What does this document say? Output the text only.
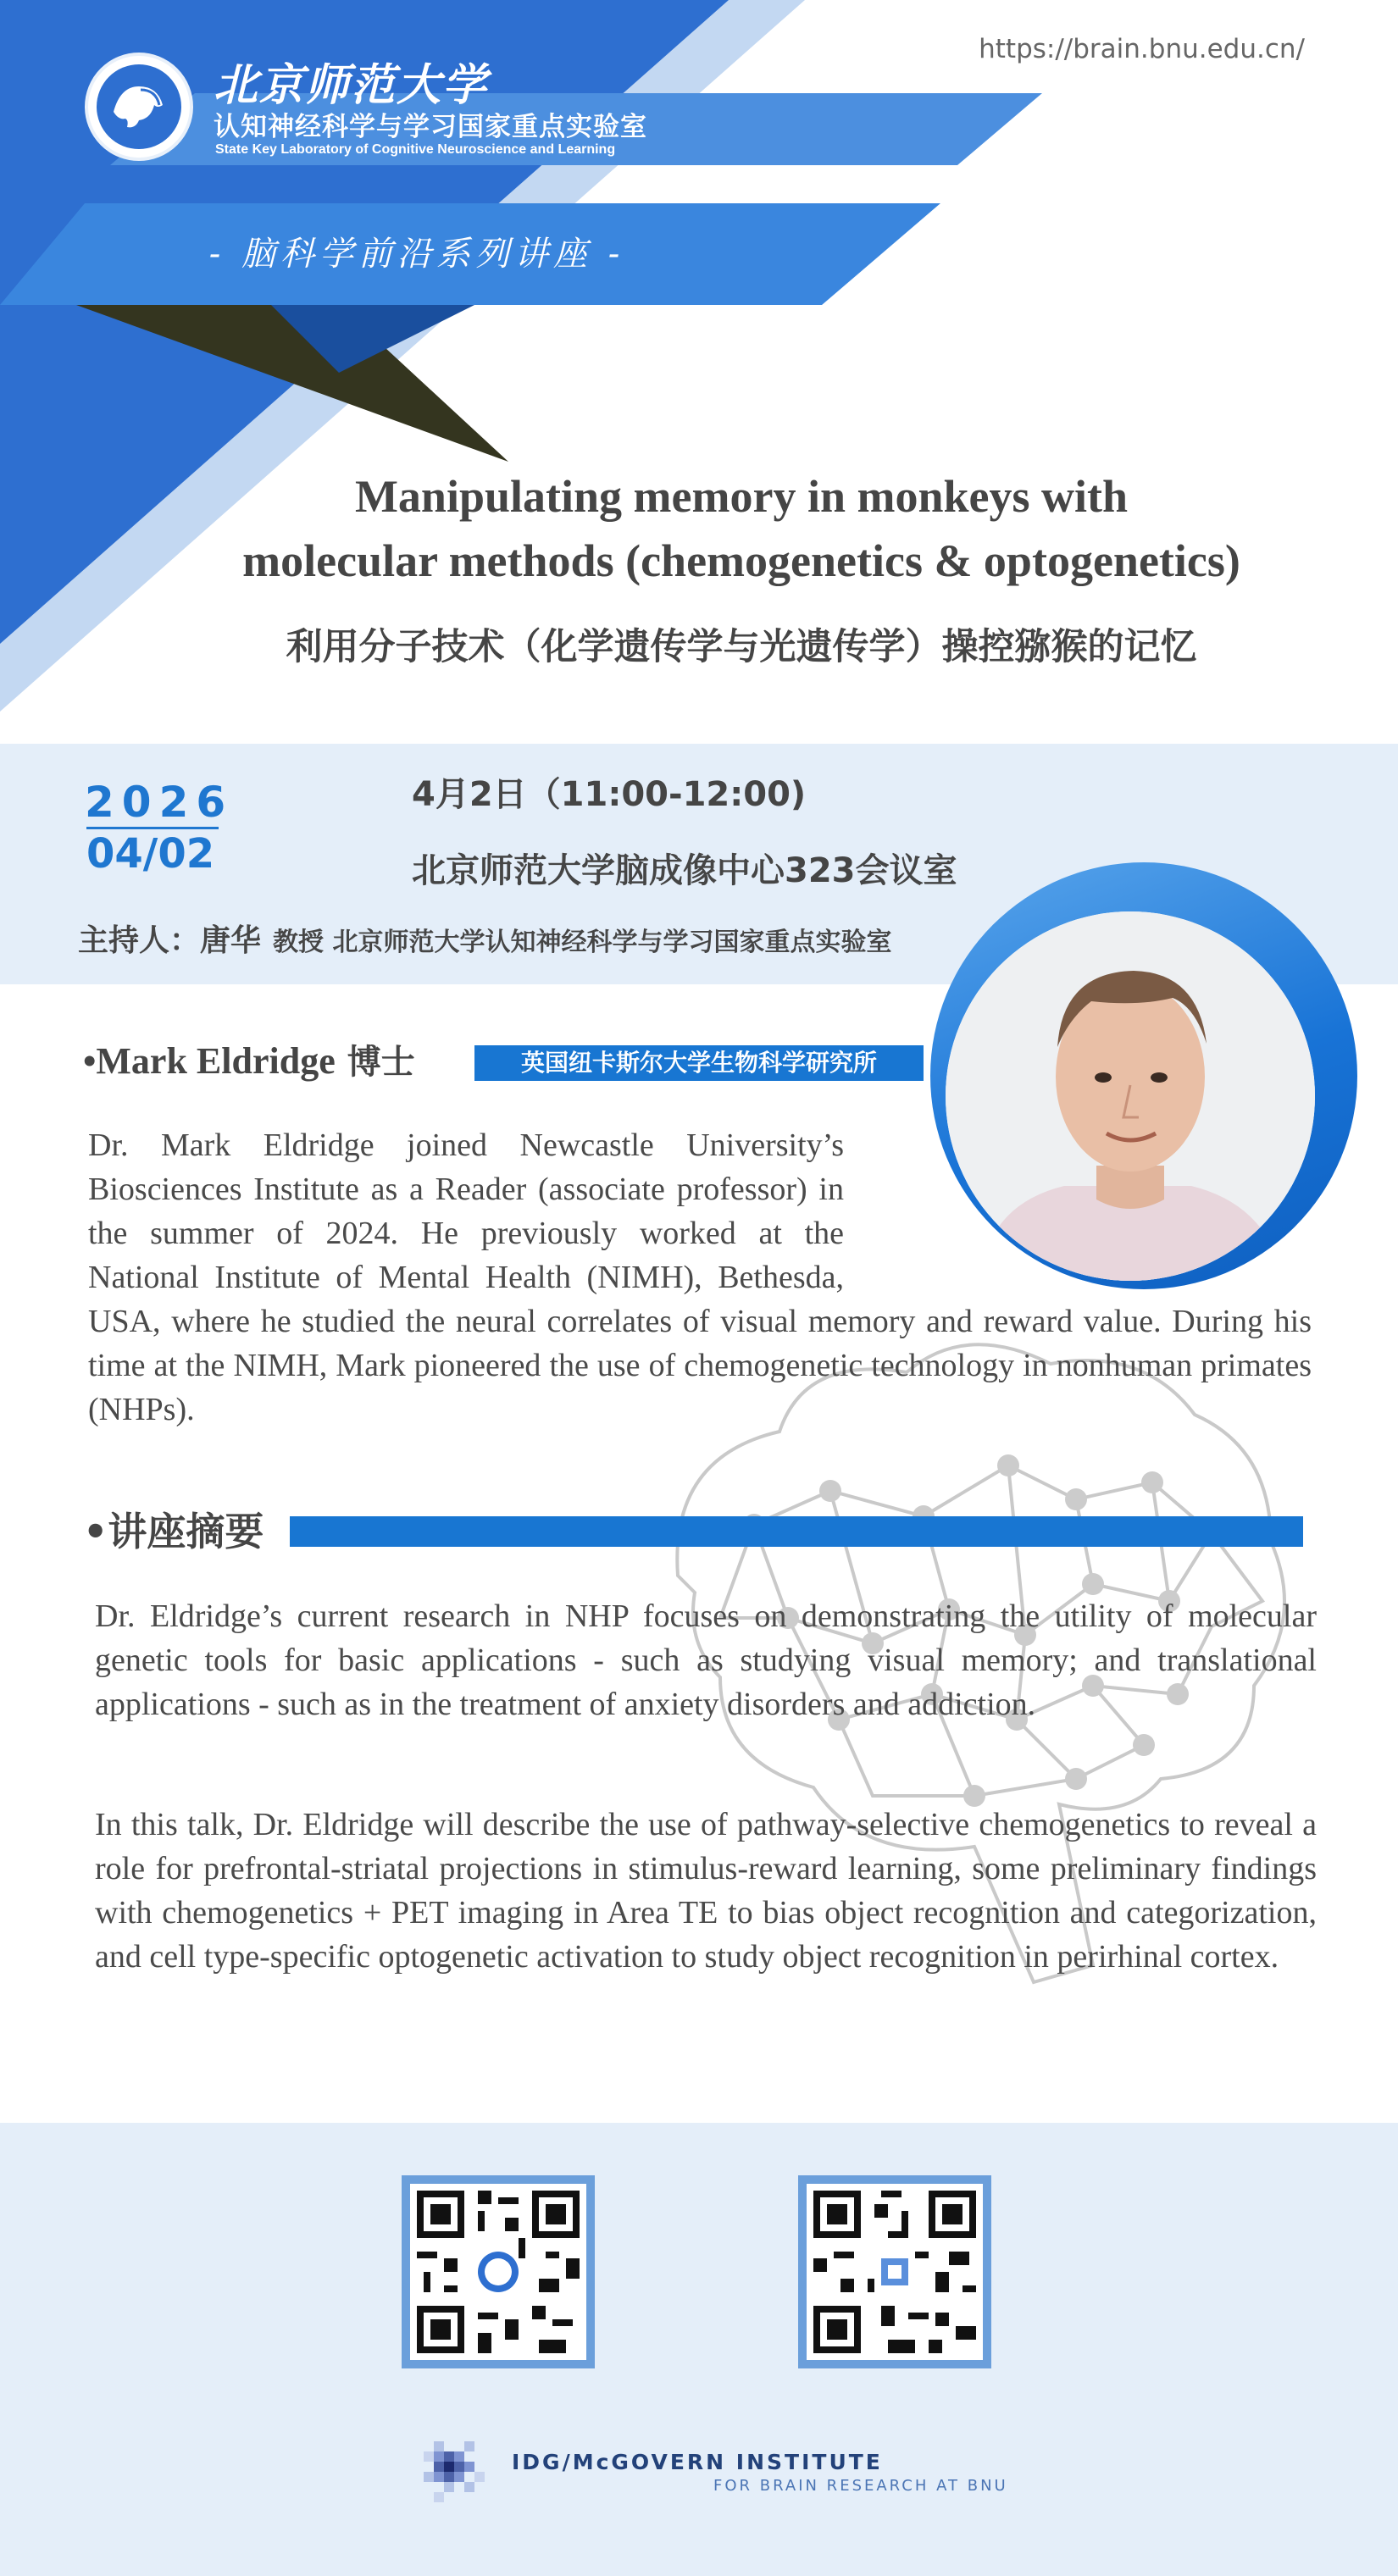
北京师范大学
认知神经科学与学习国家重点实验室
State Key Laboratory of Cognitive Neuroscience and Learning
https://brain.bnu.edu.cn/
- 脑科学前沿系列讲座 -
Manipulating memory in monkeys with
molecular methods (chemogenetics & optogenetics)
利用分子技术（化学遗传学与光遗传学）操控猕猴的记忆
2026
04/02
4月2日（11:00-12:00)
北京师范大学脑成像中心323会议室
主持人：唐华 教授 北京师范大学认知神经科学与学习国家重点实验室
•Mark Eldridge 博士	英国纽卡斯尔大学生物科学研究所
Dr. Mark Eldridge joined Newcastle University’s Biosciences Institute as a Reader (associate professor) in the summer of 2024. He previously worked at the National Institute of Mental Health (NIMH), Bethesda, USA, where he studied the neural correlates of visual memory and reward value. During his time at the NIMH, Mark pioneered the use of chemogenetic technology in nonhuman primates (NHPs).
•讲座摘要
Dr. Eldridge’s current research in NHP focuses on demonstrating the utility of molecular genetic tools for basic applications - such as studying visual memory; and translational applications - such as in the treatment of anxiety disorders and addiction.
In this talk, Dr. Eldridge will describe the use of pathway-selective chemogenetics to reveal a role for prefrontal-striatal projections in stimulus-reward learning, some preliminary findings with chemogenetics + PET imaging in Area TE to bias object recognition and categorization, and cell type-specific optogenetic activation to study object recognition in perirhinal cortex.
IDG/McGOVERN INSTITUTE
FOR BRAIN RESEARCH AT BNU
